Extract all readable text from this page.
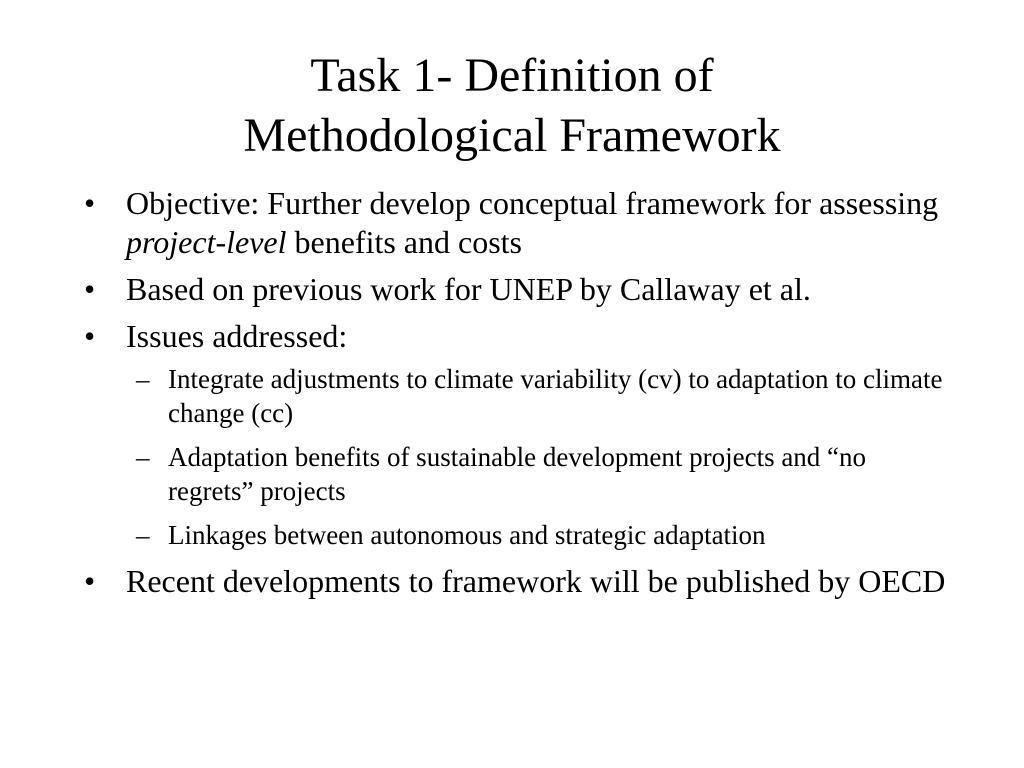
Task 1- Definition of
Methodological Framework
• Objective: Further develop conceptual framework for assessing project-level benefits and costs
• Based on previous work for UNEP by Callaway et al.
• Issues addressed:
– Integrate adjustments to climate variability (cv) to adaptation to climate change (cc)
– Adaptation benefits of sustainable development projects and “no regrets” projects
– Linkages between autonomous and strategic adaptation
• Recent developments to framework will be published by OECD
